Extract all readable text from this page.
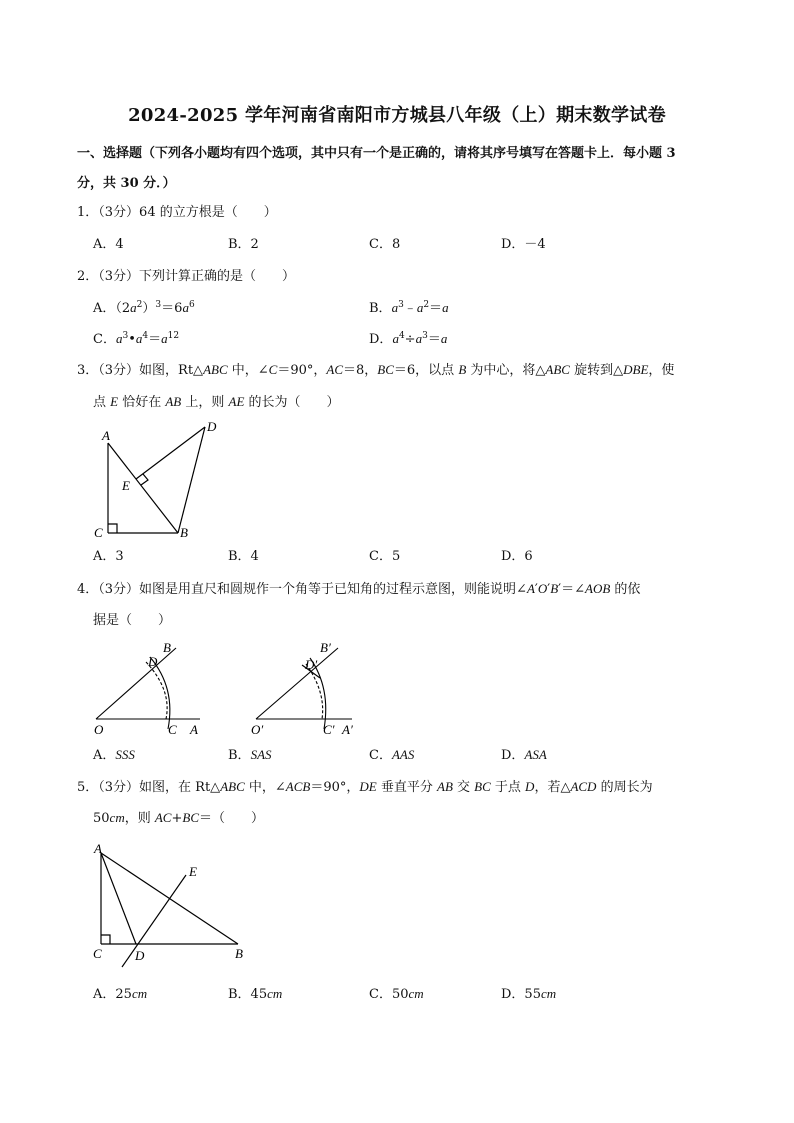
2024-2025 学年河南省南阳市方城县八年级（上）期末数学试卷
一、选择题（下列各小题均有四个选项，其中只有一个是正确的，请将其序号填写在答题卡上．每小题 3
分，共 30 分．）
1．（3分）64 的立方根是（　　）
A．4	B．2	C．8	D．－4
2．（3分）下列计算正确的是（　　）
A．$(2a^2)^3=6a^6$	B．$a^3﹣a^2=a$
C．$a^3•a^4=a^{12}$	D．$a^4\div a^3=a$
3．（3分）如图，Rt△ABC 中，∠C＝90°，AC＝8，BC＝6，以点 B 为中心，将△ABC 旋转到△DBE，使
点 E 恰好在 AB 上，则 AE 的长为（　　）
A
D
E
C	B
A．3	B．4	C．5	D．6
4．（3分）如图是用直尺和圆规作一个角等于已知角的过程示意图，则能说明∠A′O′B′＝∠AOB 的依
据是（　　）
O	C A
D
B
O′	C′ A′
D′
B′
A．SSS	B．SAS	C．AAS	D．ASA
5．（3分）如图，在 Rt△ABC 中，∠ACB＝90°，DE 垂直平分 AB 交 BC 于点 D，若△ACD 的周长为
50cm，则 AC+BC＝（　　）
A
E
C	D	B
A．25cm	B．45cm	C．50cm	D．55cm
